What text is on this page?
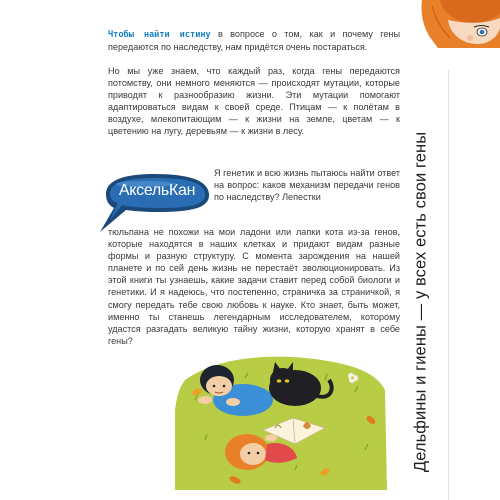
Дельфины и гиены — у всех есть свои гены
Чтобы найти истину в вопросе о том, как и почему гены передаются по наследству, нам придётся очень постараться.
Но мы уже знаем, что каждый раз, когда гены передаются потомству, они немного меняются — происходят мутации, которые приводят к разнообразию жизни. Эти мутации помогают адаптироваться видам к своей среде. Птицам — к полётам в воздухе, млекопитающим — к жизни на земле, цветам — к цветению на лугу, деревьям — к жизни в лесу.
АксельКан
Я генетик и всю жизнь пытаюсь найти ответ на вопрос: каков механизм передачи генов по наследству? Лепестки
тюльпана не похожи на мои ладони или лапки кота из-за генов, которые находятся в наших клетках и придают видам разные формы и разную структуру. С момента зарождения на нашей планете и по сей день жизнь не перестаёт эволюционировать. Из этой книги ты узнаешь, какие задачи ставит перед собой биологи и генетики. И я надеюсь, что постепенно, страничка за страничкой, я смогу передать тебе свою любовь к науке. Кто знает, быть может, именно ты станешь легендарным исследователем, которому удастся разгадать великую тайну жизни, которую хранят в себе гены?
